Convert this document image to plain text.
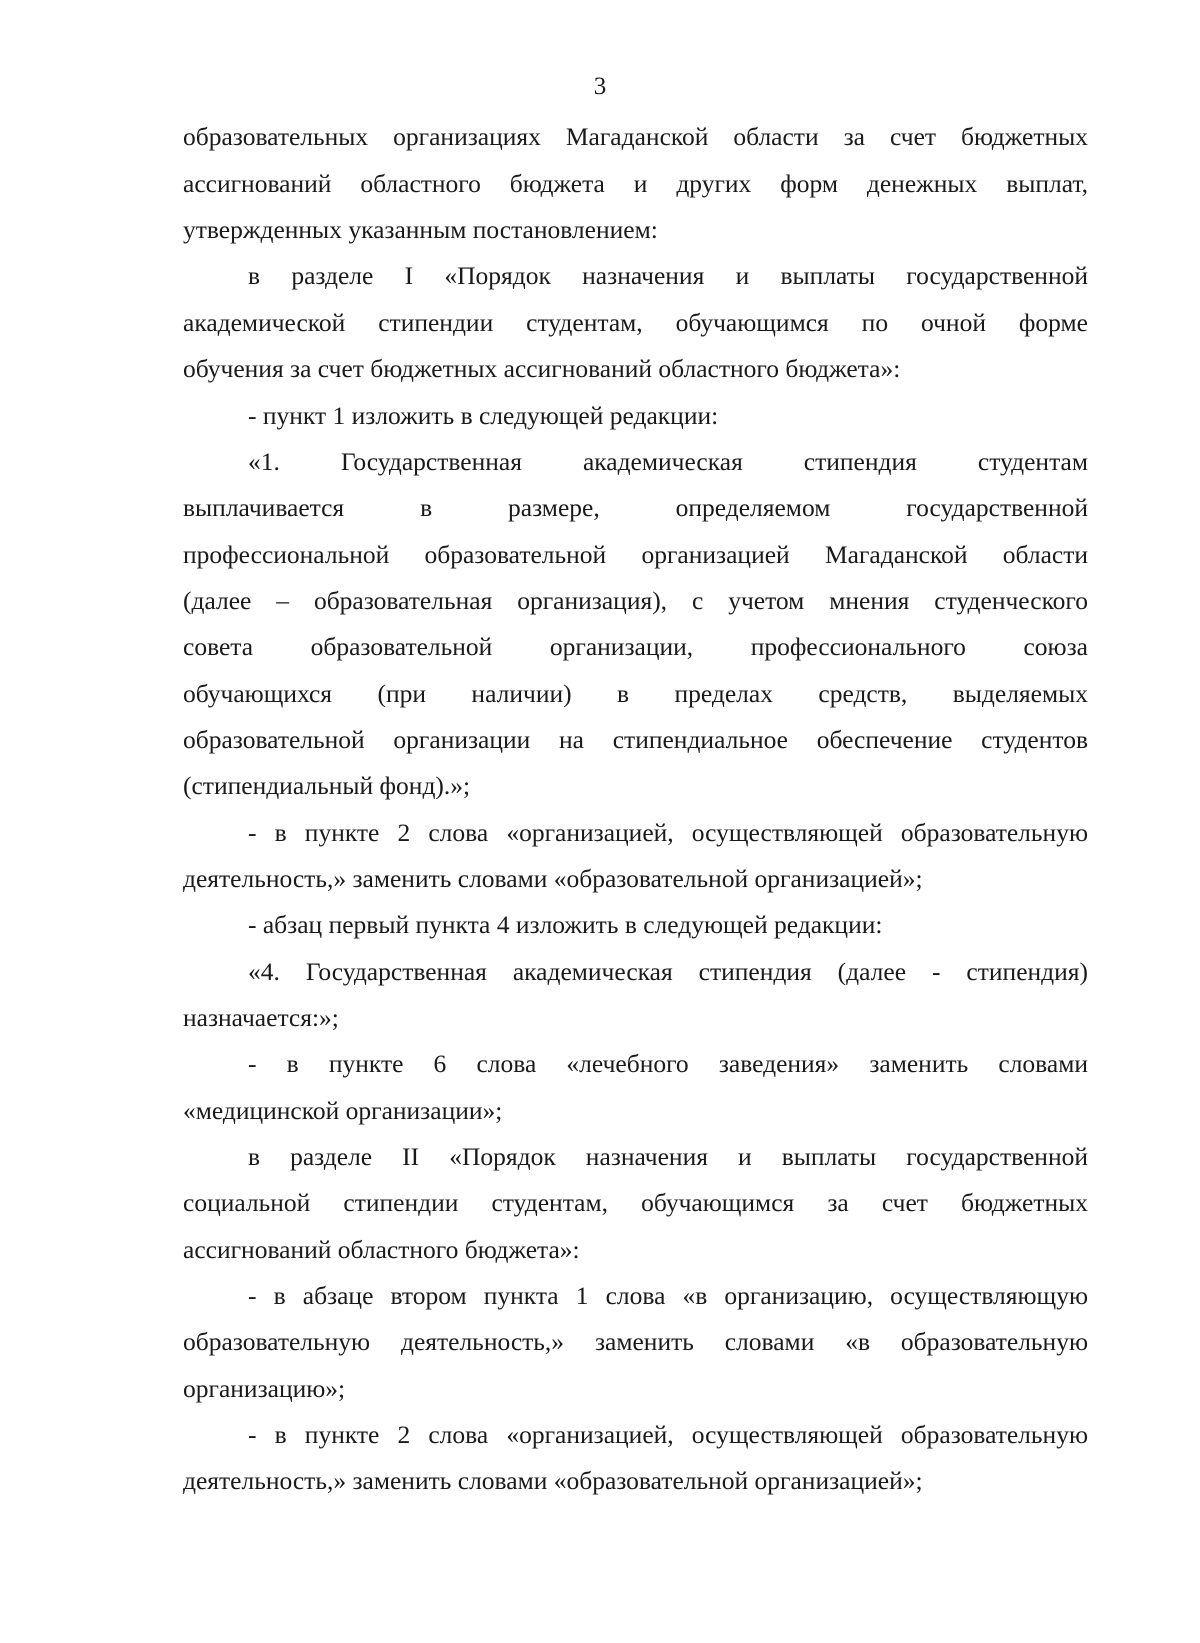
3
образовательных организациях Магаданской области за счет бюджетных
ассигнований областного бюджета и других форм денежных выплат,
утвержденных указанным постановлением:
в разделе I «Порядок назначения и выплаты государственной
академической стипендии студентам, обучающимся по очной форме
обучения за счет бюджетных ассигнований областного бюджета»:
- пункт 1 изложить в следующей редакции:
«1. Государственная академическая стипендия студентам
выплачивается в размере, определяемом государственной
профессиональной образовательной организацией Магаданской области
(далее – образовательная организация), с учетом мнения студенческого
совета образовательной организации, профессионального союза
обучающихся (при наличии) в пределах средств, выделяемых
образовательной организации на стипендиальное обеспечение студентов
(стипендиальный фонд).»;
- в пункте 2 слова «организацией, осуществляющей образовательную
деятельность,» заменить словами «образовательной организацией»;
- абзац первый пункта 4 изложить в следующей редакции:
«4. Государственная академическая стипендия (далее - стипендия)
назначается:»;
- в пункте 6 слова «лечебного заведения» заменить словами
«медицинской организации»;
в разделе II «Порядок назначения и выплаты государственной
социальной стипендии студентам, обучающимся за счет бюджетных
ассигнований областного бюджета»:
- в абзаце втором пункта 1 слова «в организацию, осуществляющую
образовательную деятельность,» заменить словами «в образовательную
организацию»;
- в пункте 2 слова «организацией, осуществляющей образовательную
деятельность,» заменить словами «образовательной организацией»;
